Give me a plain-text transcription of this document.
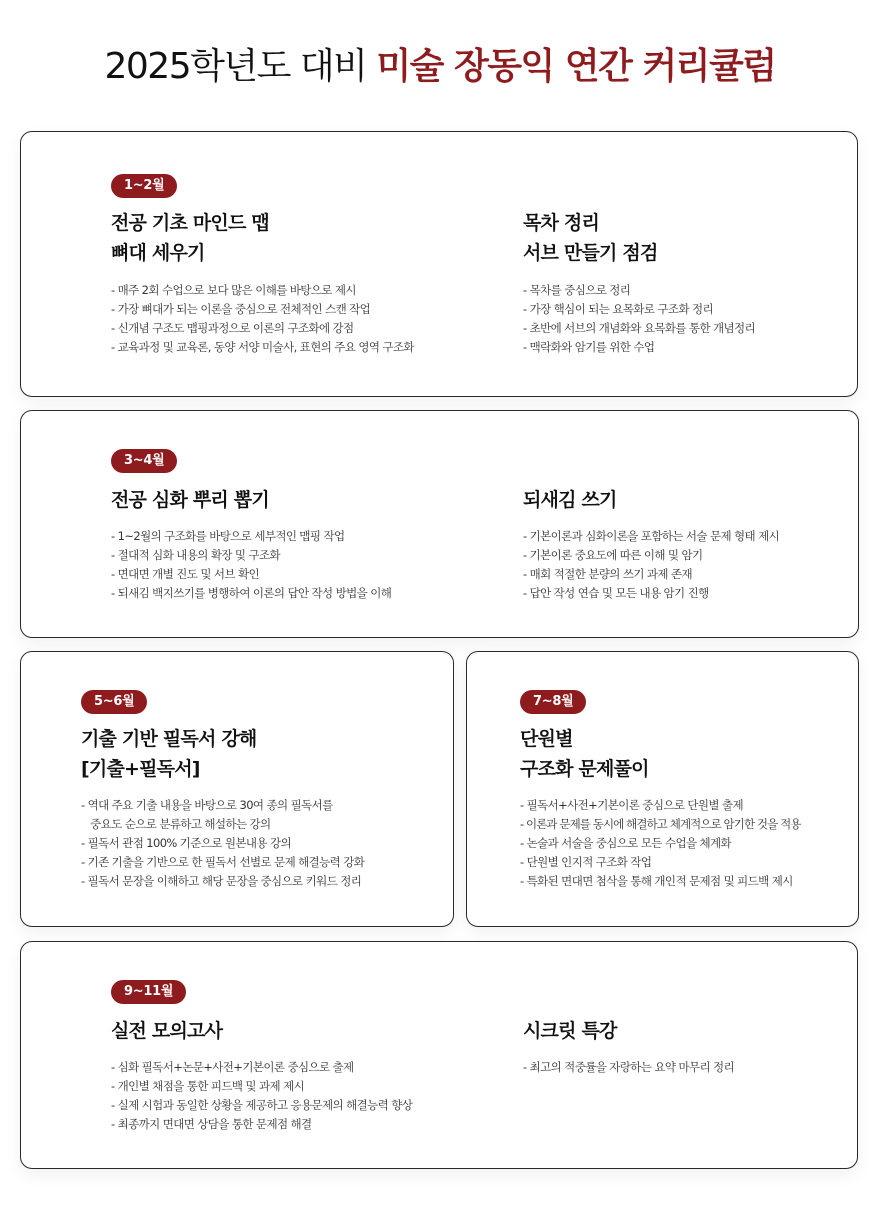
2025학년도 대비 미술 장동익 연간 커리큘럼
1~2월
전공 기초 마인드 맵
뼈대 세우기
- 매주 2회 수업으로 보다 많은 이해를 바탕으로 제시
- 가장 뼈대가 되는 이론을 중심으로 전체적인 스캔 작업
- 신개념 구조도 맵핑과정으로 이론의 구조화에 강점
- 교육과정 및 교육론, 동양 서양 미술사, 표현의 주요 영역 구조화
목차 정리
서브 만들기 점검
- 목차를 중심으로 정리
- 가장 핵심이 되는 요목화로 구조화 정리
- 초반에 서브의 개념화와 요목화를 통한 개념정리
- 맥락화와 암기를 위한 수업
3~4월
전공 심화 뿌리 뽑기
- 1~2월의 구조화를 바탕으로 세부적인 맵핑 작업
- 절대적 심화 내용의 확장 및 구조화
- 면대면 개별 진도 및 서브 확인
- 되새김 백지쓰기를 병행하여 이론의 답안 작성 방법을 이해
되새김 쓰기
- 기본이론과 심화이론을 포함하는 서술 문제 형태 제시
- 기본이론 중요도에 따른 이해 및 암기
- 매회 적절한 분량의 쓰기 과제 존재
- 답안 작성 연습 및 모든 내용 암기 진행
5~6월
기출 기반 필독서 강해
[기출+필독서]
- 역대 주요 기출 내용을 바탕으로 30여 종의 필독서를
중요도 순으로 분류하고 해설하는 강의
- 필독서 관점 100% 기준으로 원본내용 강의
- 기존 기출을 기반으로 한 필독서 선별로 문제 해결능력 강화
- 필독서 문장을 이해하고 해당 문장을 중심으로 키워드 정리
7~8월
단원별
구조화 문제풀이
- 필독서+사전+기본이론 중심으로 단원별 출제
- 이론과 문제를 동시에 해결하고 체계적으로 암기한 것을 적용
- 논술과 서술을 중심으로 모든 수업을 체계화
- 단원별 인지적 구조화 작업
- 특화된 면대면 첨삭을 통해 개인적 문제점 및 피드백 제시
9~11월
실전 모의고사
- 심화 필독서+논문+사전+기본이론 중심으로 출제
- 개인별 채점을 통한 피드백 및 과제 제시
- 실제 시험과 동일한 상황을 제공하고 응용문제의 해결능력 향상
- 최종까지 면대면 상담을 통한 문제점 해결
시크릿 특강
- 최고의 적중률을 자랑하는 요약 마무리 정리
